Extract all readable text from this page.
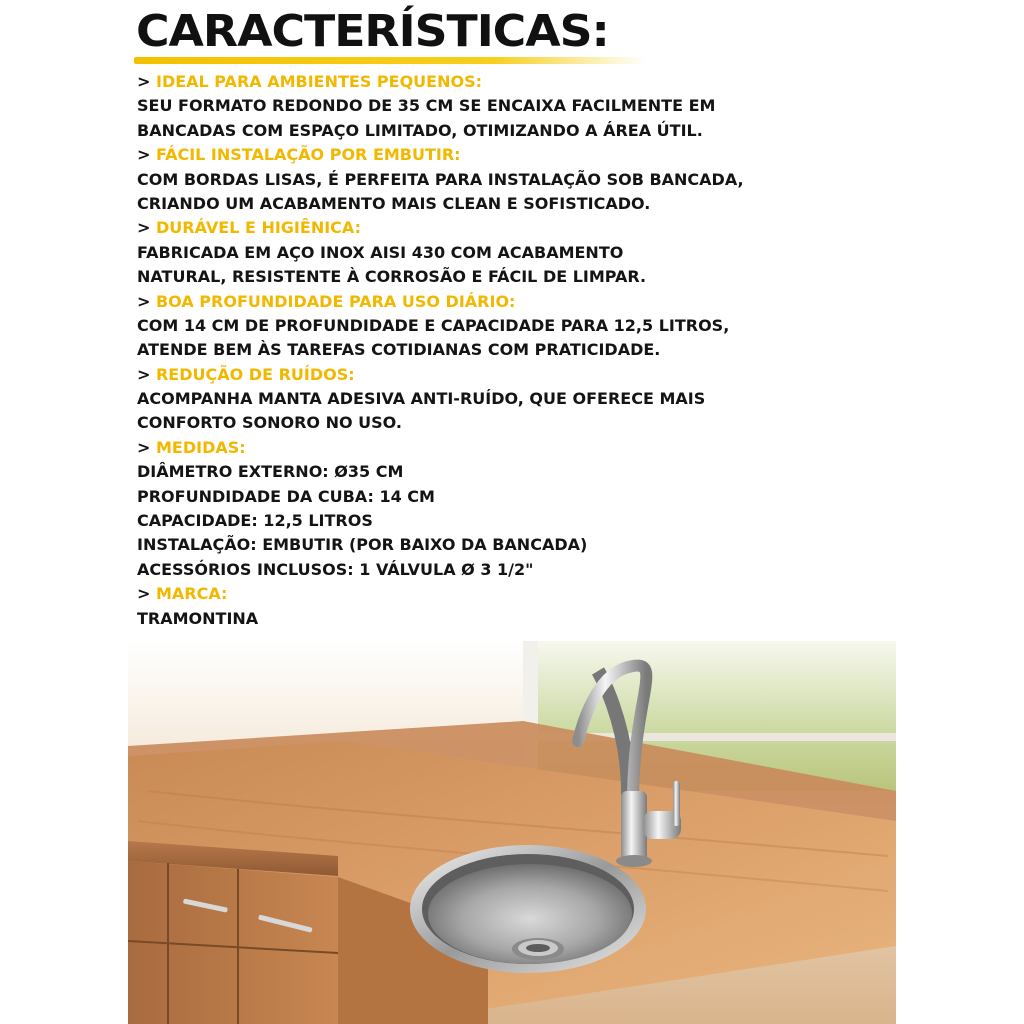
CARACTERÍSTICAS:
> IDEAL PARA AMBIENTES PEQUENOS:
SEU FORMATO REDONDO DE 35 CM SE ENCAIXA FACILMENTE EM
BANCADAS COM ESPAÇO LIMITADO, OTIMIZANDO A ÁREA ÚTIL.
> FÁCIL INSTALAÇÃO POR EMBUTIR:
COM BORDAS LISAS, É PERFEITA PARA INSTALAÇÃO SOB BANCADA,
CRIANDO UM ACABAMENTO MAIS CLEAN E SOFISTICADO.
> DURÁVEL E HIGIÊNICA:
FABRICADA EM AÇO INOX AISI 430 COM ACABAMENTO
NATURAL, RESISTENTE À CORROSÃO E FÁCIL DE LIMPAR.
> BOA PROFUNDIDADE PARA USO DIÁRIO:
COM 14 CM DE PROFUNDIDADE E CAPACIDADE PARA 12,5 LITROS,
ATENDE BEM ÀS TAREFAS COTIDIANAS COM PRATICIDADE.
> REDUÇÃO DE RUÍDOS:
ACOMPANHA MANTA ADESIVA ANTI-RUÍDO, QUE OFERECE MAIS
CONFORTO SONORO NO USO.
> MEDIDAS:
DIÂMETRO EXTERNO: Ø35 CM
PROFUNDIDADE DA CUBA: 14 CM
CAPACIDADE: 12,5 LITROS
INSTALAÇÃO: EMBUTIR (POR BAIXO DA BANCADA)
ACESSÓRIOS INCLUSOS: 1 VÁLVULA Ø 3 1/2"
> MARCA:
TRAMONTINA
